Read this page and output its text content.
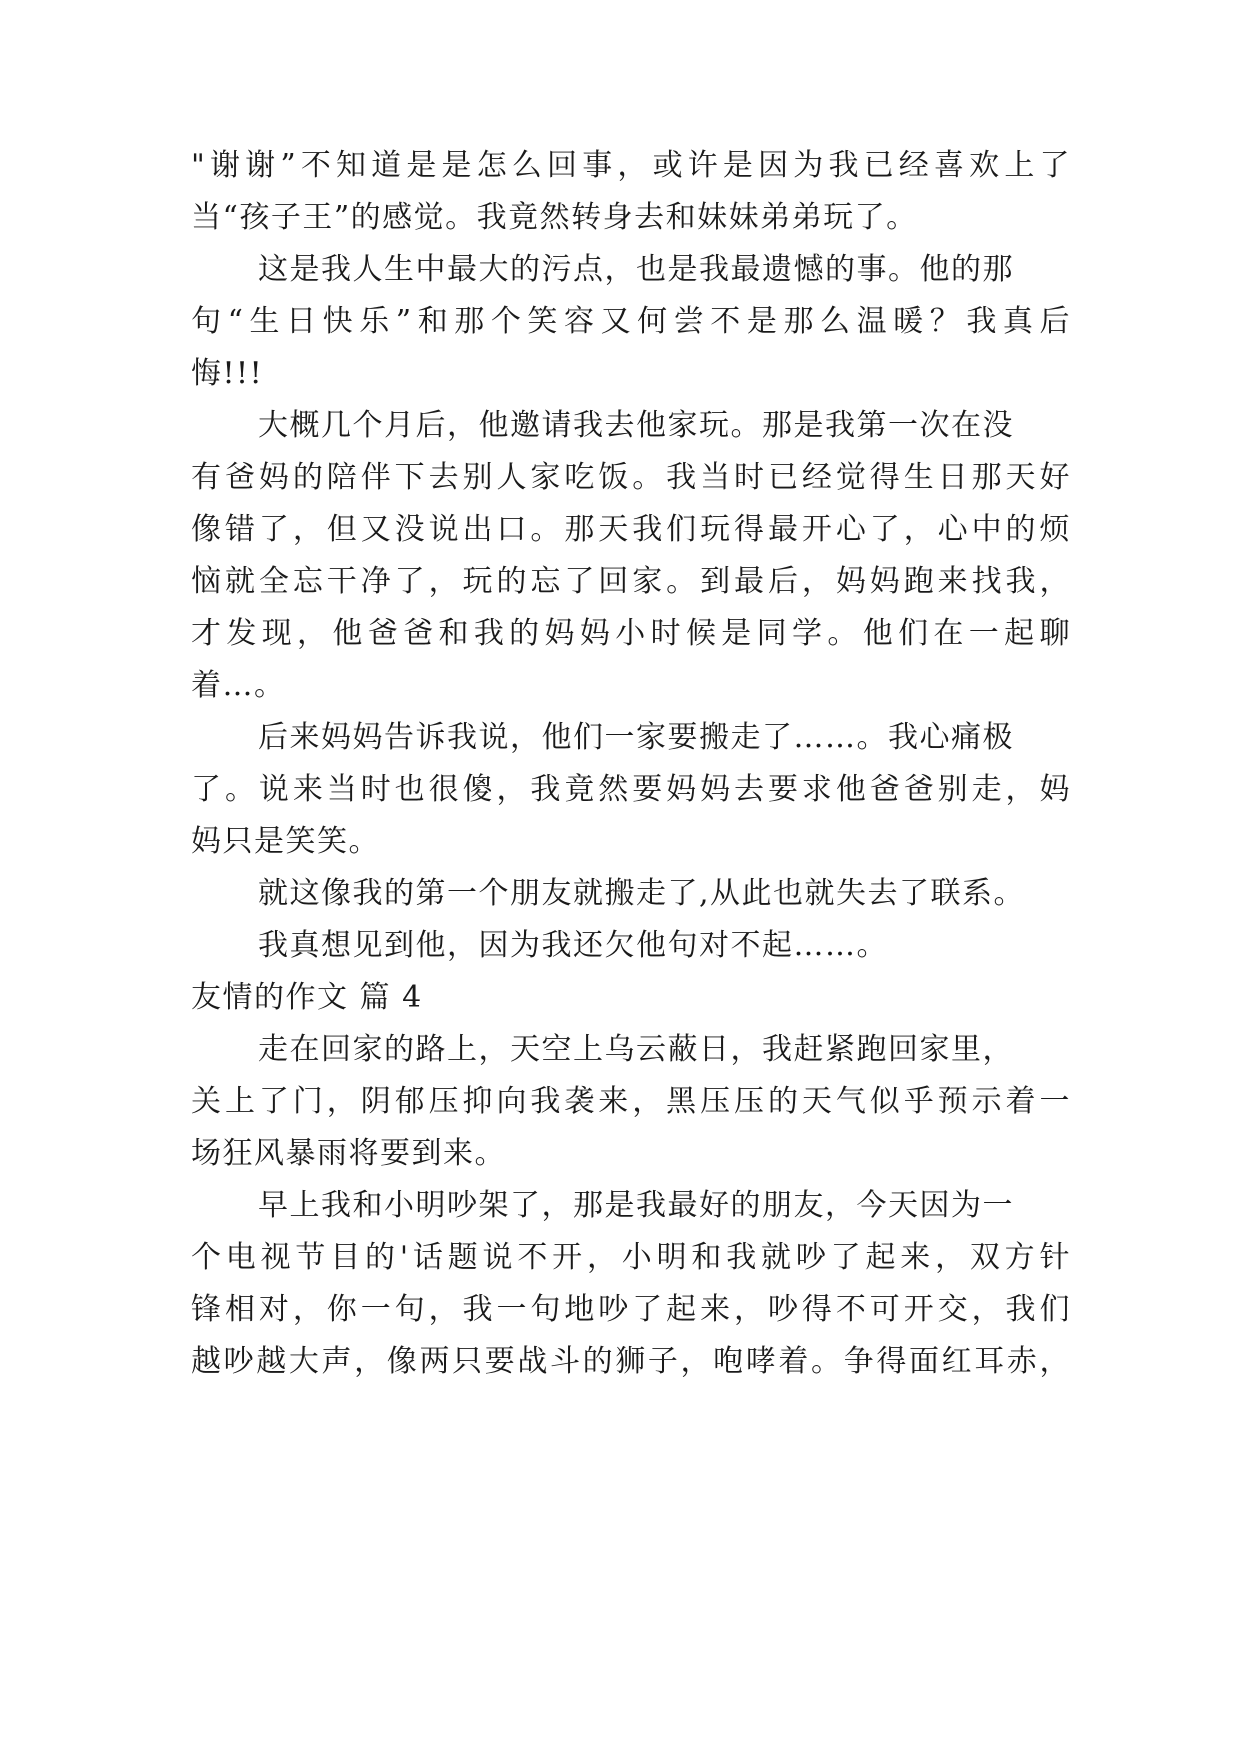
"谢谢”不知道是是怎么回事，或许是因为我已经喜欢上了
当“孩子王”的感觉。我竟然转身去和妹妹弟弟玩了。
这是我人生中最大的污点，也是我最遗憾的事。他的那
句“生日快乐”和那个笑容又何尝不是那么温暖？我真后
悔!!!
大概几个月后，他邀请我去他家玩。那是我第一次在没
有爸妈的陪伴下去别人家吃饭。我当时已经觉得生日那天好
像错了，但又没说出口。那天我们玩得最开心了，心中的烦
恼就全忘干净了，玩的忘了回家。到最后，妈妈跑来找我，
才发现，他爸爸和我的妈妈小时候是同学。他们在一起聊
着…。
后来妈妈告诉我说，他们一家要搬走了……。我心痛极
了。说来当时也很傻，我竟然要妈妈去要求他爸爸别走，妈
妈只是笑笑。
就这像我的第一个朋友就搬走了,从此也就失去了联系。
我真想见到他，因为我还欠他句对不起……。
友情的作文 篇 4
走在回家的路上，天空上乌云蔽日，我赶紧跑回家里，
关上了门，阴郁压抑向我袭来，黑压压的天气似乎预示着一
场狂风暴雨将要到来。
早上我和小明吵架了，那是我最好的朋友，今天因为一
个电视节目的'话题说不开，小明和我就吵了起来，双方针
锋相对，你一句，我一句地吵了起来，吵得不可开交，我们
越吵越大声，像两只要战斗的狮子，咆哮着。争得面红耳赤，
